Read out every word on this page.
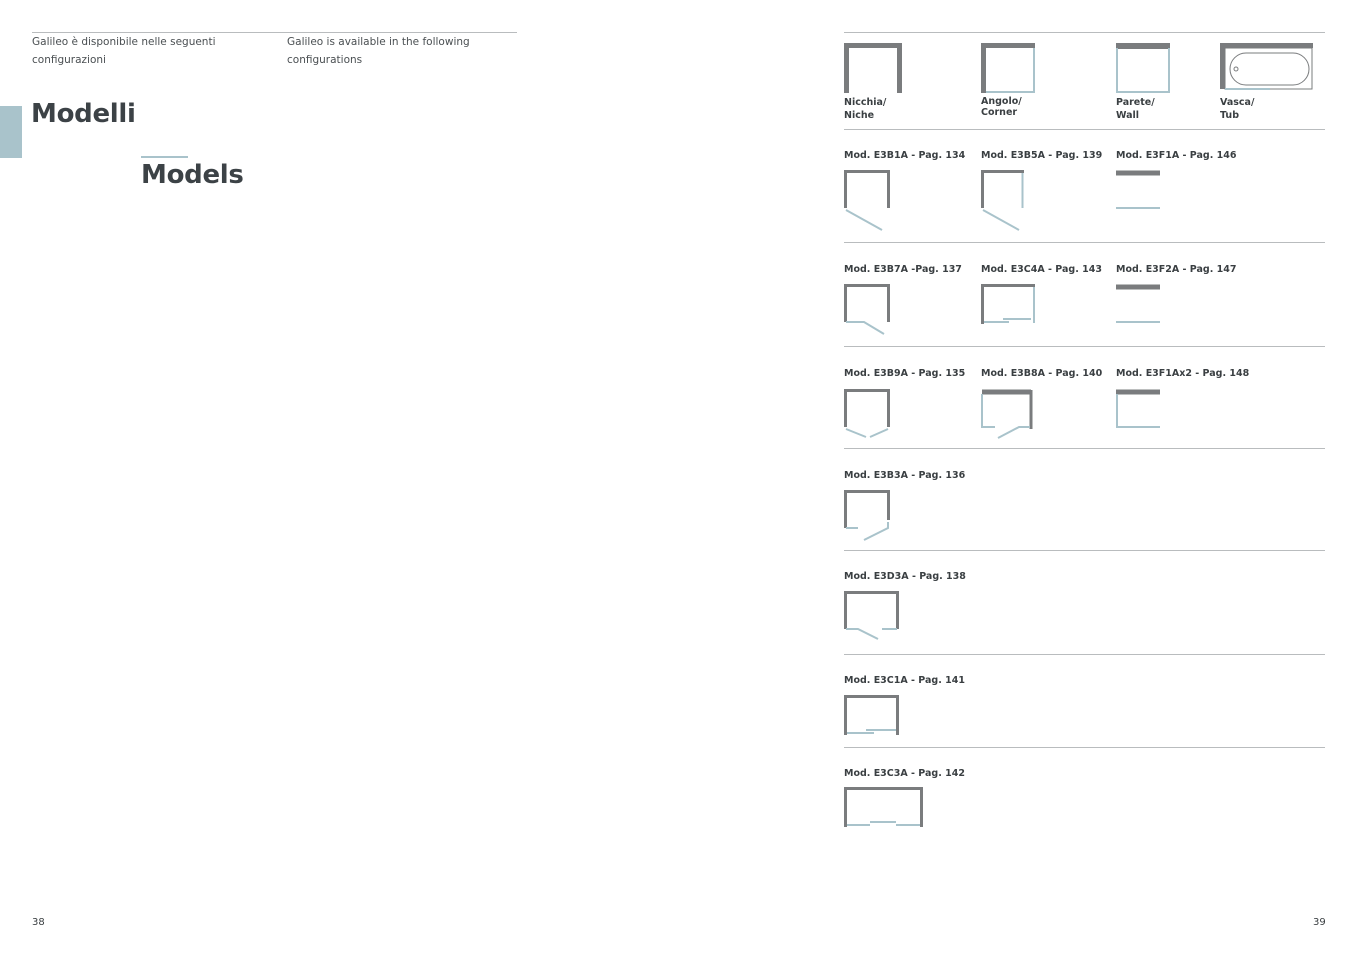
Galileo è disponibile nelle seguenti configurazioni
Galileo is available in the following configurations
Modelli
Models
38
Nicchia/
Niche
Angolo/
Corner
Parete/
Wall
Vasca/
Tub
Mod. E3B1A - Pag. 134 Mod. E3B5A - Pag. 139 Mod. E3F1A - Pag. 146
Mod. E3B7A -Pag. 137 Mod. E3C4A - Pag. 143 Mod. E3F2A - Pag. 147
Mod. E3B9A - Pag. 135 Mod. E3B8A - Pag. 140 Mod. E3F1Ax2 - Pag. 148
Mod. E3B3A - Pag. 136
Mod. E3D3A - Pag. 138
Mod. E3C1A - Pag. 141
Mod. E3C3A - Pag. 142
39
